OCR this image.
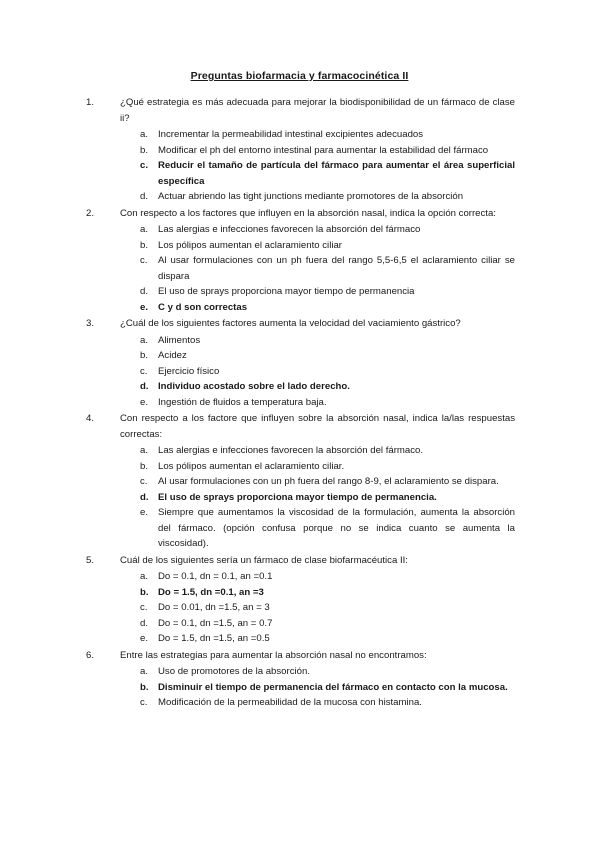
Preguntas biofarmacia y farmacocinética II
1.	¿Qué estrategia es más adecuada para mejorar la biodisponibilidad de un fármaco de clase ii?
a. Incrementar la permeabilidad intestinal excipientes adecuados
b. Modificar el ph del entorno intestinal para aumentar la estabilidad del fármaco
c. Reducir el tamaño de partícula del fármaco para aumentar el área superficial específica
d. Actuar abriendo las tight junctions mediante promotores de la absorción
2.	Con respecto a los factores que influyen en la absorción nasal, indica la opción correcta:
a. Las alergias e infecciones favorecen la absorción del fármaco
b. Los pólipos aumentan el aclaramiento ciliar
c. Al usar formulaciones con un ph fuera del rango 5,5-6,5 el aclaramiento ciliar se dispara
d. El uso de sprays proporciona mayor tiempo de permanencia
e. C y d son correctas
3.	¿Cuál de los siguientes factores aumenta la velocidad del vaciamiento gástrico?
a. Alimentos
b. Acidez
c. Ejercicio físico
d. Individuo acostado sobre el lado derecho.
e. Ingestión de fluidos a temperatura baja.
4.	Con respecto a los factore que influyen sobre la absorción nasal, indica la/las respuestas correctas:
a. Las alergias e infecciones favorecen la absorción del fármaco.
b. Los pólipos aumentan el aclaramiento ciliar.
c. Al usar formulaciones con un ph fuera del rango 8-9, el aclaramiento se dispara.
d. El uso de sprays proporciona mayor tiempo de permanencia.
e. Siempre que aumentamos la viscosidad de la formulación, aumenta la absorción del fármaco. (opción confusa porque no se indica cuanto se aumenta la viscosidad).
5.	Cuál de los siguientes sería un fármaco de clase biofarmacéutica II:
a. Do = 0.1, dn = 0.1, an =0.1
b. Do = 1.5, dn =0.1, an =3
c. Do = 0.01, dn =1.5, an = 3
d. Do = 0.1, dn =1.5, an = 0.7
e. Do = 1.5, dn =1.5, an =0.5
6.	Entre las estrategias para aumentar la absorción nasal no encontramos:
a. Uso de promotores de la absorción.
b. Disminuir el tiempo de permanencia del fármaco en contacto con la mucosa.
c. Modificación de la permeabilidad de la mucosa con histamina.
